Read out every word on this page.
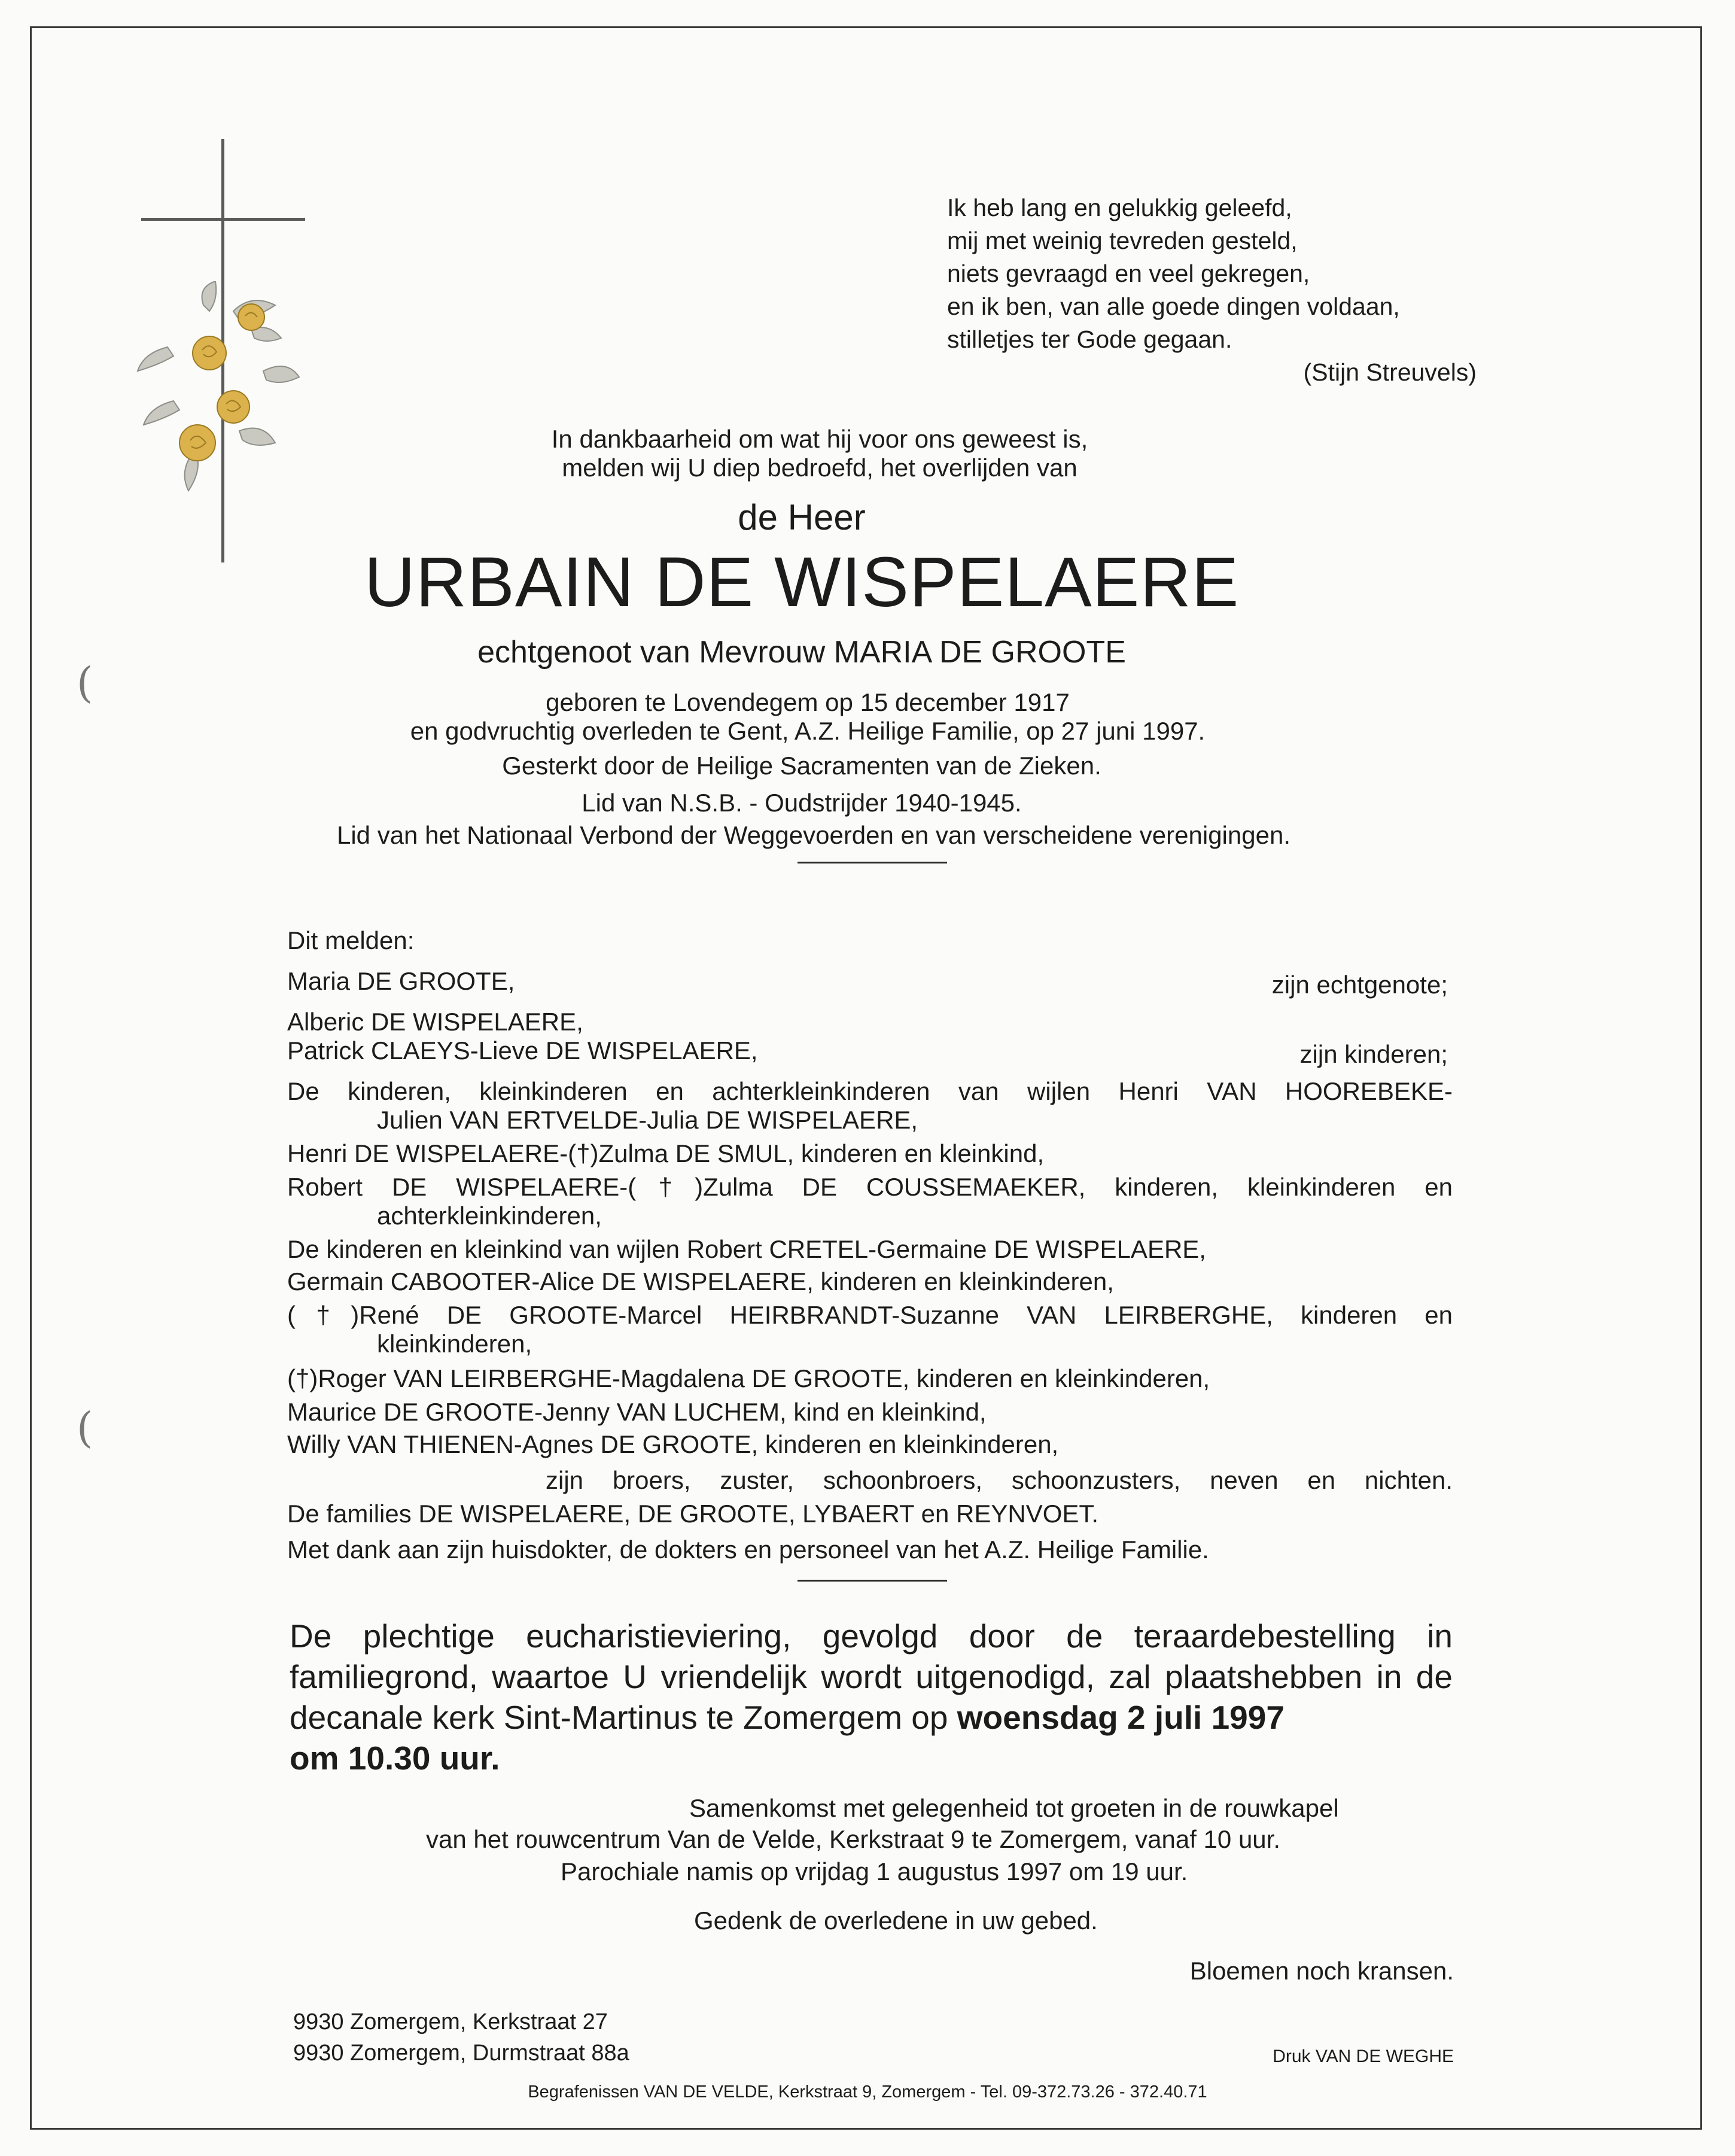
Ik heb lang en gelukkig geleefd,
mij met weinig tevreden gesteld,
niets gevraagd en veel gekregen,
en ik ben, van alle goede dingen voldaan,
stilletjes ter Gode gegaan.
(Stijn Streuvels)
In dankbaarheid om wat hij voor ons geweest is,
melden wij U diep bedroefd, het overlijden van
de Heer
URBAIN DE WISPELAERE
echtgenoot van Mevrouw MARIA DE GROOTE
geboren te Lovendegem op 15 december 1917
en godvruchtig overleden te Gent, A.Z. Heilige Familie, op 27 juni 1997.
Gesterkt door de Heilige Sacramenten van de Zieken.
Lid van N.S.B. - Oudstrijder 1940-1945.
Lid van het Nationaal Verbond der Weggevoerden en van verscheidene verenigingen.
Dit melden:
Maria DE GROOTE,	zijn echtgenote;
Alberic DE WISPELAERE,
Patrick CLAEYS-Lieve DE WISPELAERE,	zijn kinderen;
De kinderen, kleinkinderen en achterkleinkinderen van wijlen Henri VAN HOOREBEKE-
Julien VAN ERTVELDE-Julia DE WISPELAERE,
Henri DE WISPELAERE-(†)Zulma DE SMUL, kinderen en kleinkind,
Robert DE WISPELAERE-(†)Zulma DE COUSSEMAEKER, kinderen, kleinkinderen en
achterkleinkinderen,
De kinderen en kleinkind van wijlen Robert CRETEL-Germaine DE WISPELAERE,
Germain CABOOTER-Alice DE WISPELAERE, kinderen en kleinkinderen,
(†)René DE GROOTE-Marcel HEIRBRANDT-Suzanne VAN LEIRBERGHE, kinderen en
kleinkinderen,
(†)Roger VAN LEIRBERGHE-Magdalena DE GROOTE, kinderen en kleinkinderen,
Maurice DE GROOTE-Jenny VAN LUCHEM, kind en kleinkind,
Willy VAN THIENEN-Agnes DE GROOTE, kinderen en kleinkinderen,
zijn broers, zuster, schoonbroers, schoonzusters, neven en nichten.
De families DE WISPELAERE, DE GROOTE, LYBAERT en REYNVOET.
Met dank aan zijn huisdokter, de dokters en personeel van het A.Z. Heilige Familie.
De plechtige eucharistieviering, gevolgd door de teraardebestelling in familiegrond, waartoe U vriendelijk wordt uitgenodigd, zal plaatshebben in de decanale kerk Sint-Martinus te Zomergem op woensdag 2 juli 1997
om 10.30 uur.
Samenkomst met gelegenheid tot groeten in de rouwkapel
van het rouwcentrum Van de Velde, Kerkstraat 9 te Zomergem, vanaf 10 uur.
Parochiale namis op vrijdag 1 augustus 1997 om 19 uur.
Gedenk de overledene in uw gebed.
Bloemen noch kransen.
9930 Zomergem, Kerkstraat 27
9930 Zomergem, Durmstraat 88a	Druk VAN DE WEGHE
Begrafenissen VAN DE VELDE, Kerkstraat 9, Zomergem - Tel. 09-372.73.26 - 372.40.71
(
(
